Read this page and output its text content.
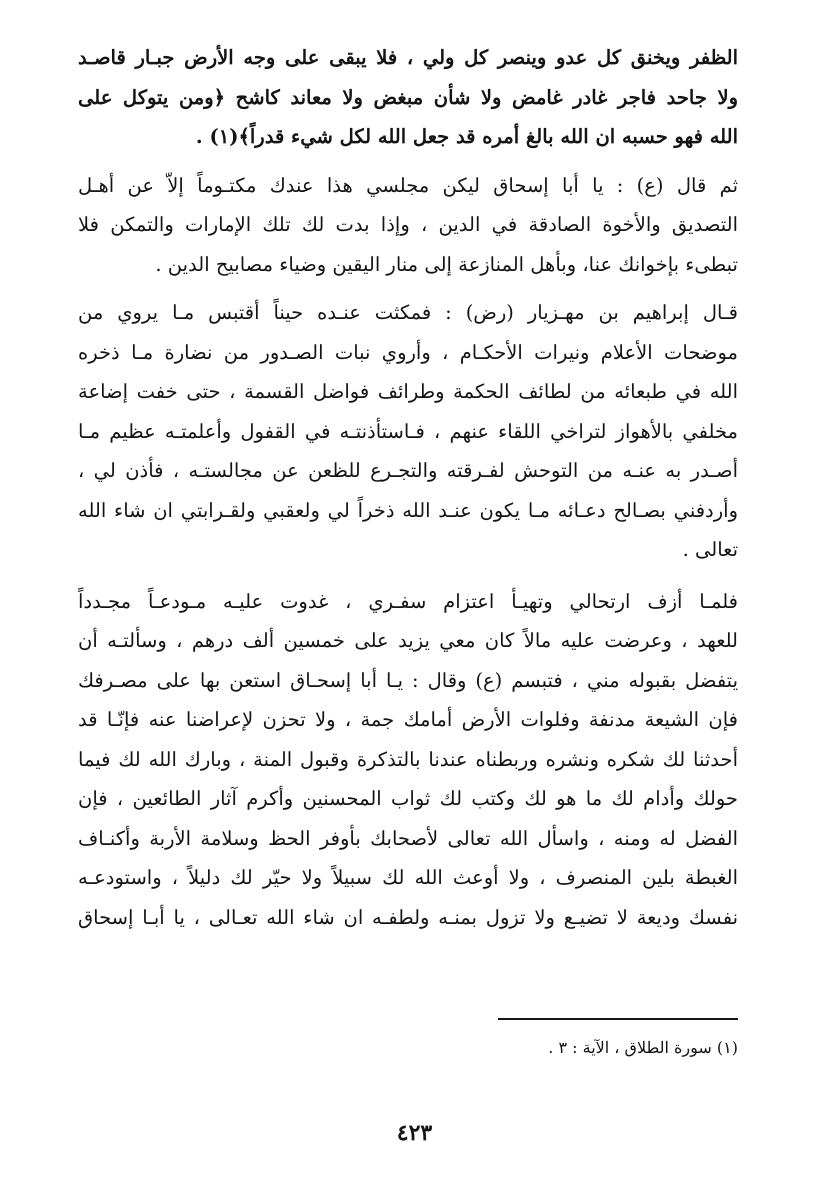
الظفر ويخنق كل عدو وينصر كل ولي ، فلا يبقى على وجه الأرض جبـار قاصـد
ولا جاحد فاجر غادر غامض ولا شأن مبغض ولا معاند كاشح ﴿ومن يتوكل على
الله فهو حسبه ان الله بالغ أمره قد جعل الله لكل شيء قدراً﴾(١) .
ثم قال (ع) : يا أبا إسحاق ليكن مجلسي هذا عندك مكتـوماً إلاّ عن أهـل
التصديق والأخوة الصادقة في الدين ، وإذا بدت لك تلك الإمارات والتمكن فلا
تبطىء بإخوانك عنا، وبأهل المنازعة إلى منار اليقين وضياء مصابيح الدين .
قـال إبراهيم بن مهـزيار (رض) : فمكثت عنـده حيناً أقتبس مـا يروي من
موضحات الأعلام ونيرات الأحكـام ، وأروي نبات الصـدور من نضارة مـا ذخره
الله في طبعائه من لطائف الحكمة وطرائف فواضل القسمة ، حتى خفت إضاعة
مخلفي بالأهواز لتراخي اللقاء عنهم ، فـاستأذنتـه في القفول وأعلمتـه عظيم مـا
أصـدر به عنـه من التوحش لفـرقته والتجـرع للظعن عن مجالستـه ، فأذن لي ،
وأردفني بصـالح دعـائه مـا يكون عنـد الله ذخراً لي ولعقبي ولقـرابتي ان شاء الله
تعالى .
فلمـا أزف ارتحالي وتهيـأ اعتزام سفـري ، غدوت عليـه مـودعـاً مجـدداً
للعهد ، وعرضت عليه مالاً كان معي يزيد على خمسين ألف درهم ، وسألتـه أن
يتفضل بقبوله مني ، فتبسم (ع) وقال : يـا أبا إسحـاق استعن بها على مصـرفك
فإن الشيعة مدنفة وفلوات الأرض أمامك جمة ، ولا تحزن لإعراضنا عنه فإنّـا قد
أحدثنا لك شكره ونشره وربطناه عندنا بالتذكرة وقبول المنة ، وبارك الله لك فيما
حولك وأدام لك ما هو لك وكتب لك ثواب المحسنين وأكرم آثار الطائعين ، فإن
الفضل له ومنه ، واسأل الله تعالى لأصحابك بأوفر الحظ وسلامة الأربة وأكنـاف
الغبطة بلين المنصرف ، ولا أوعث الله لك سبيلاً ولا حيّر لك دليلاً ، واستودعـه
نفسك وديعة لا تضيـع ولا تزول بمنـه ولطفـه ان شاء الله تعـالى ، يا أبـا إسحاق
(١) سورة الطلاق ، الآية : ٣ .
٤٢٣
